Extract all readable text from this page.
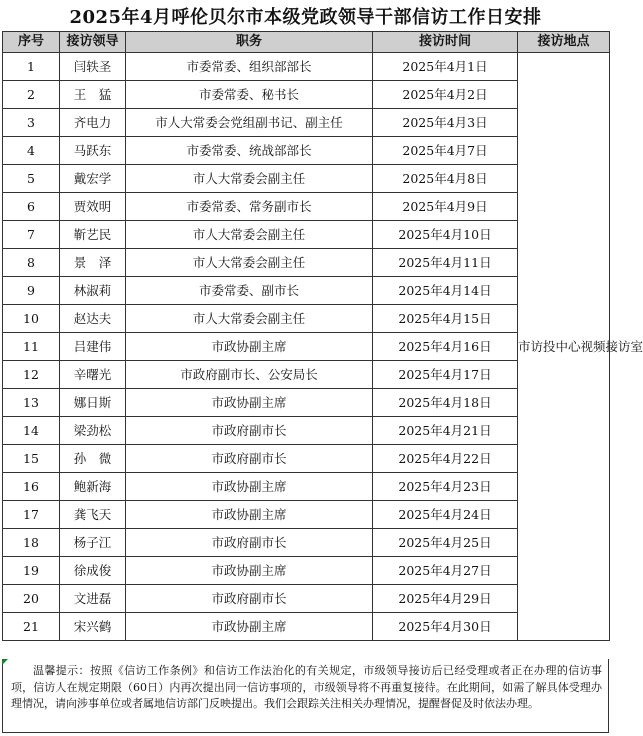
2025年4月呼伦贝尔市本级党政领导干部信访工作日安排
序号	接访领导	职务	接访时间	接访地点
1	闫轶圣	市委常委、组织部部长	2025年4月1日	市访投中心视频接访室
2	王　猛	市委常委、秘书长	2025年4月2日	
3	齐电力	市人大常委会党组副书记、副主任	2025年4月3日	
4	马跃东	市委常委、统战部部长	2025年4月7日	
5	戴宏学	市人大常委会副主任	2025年4月8日	
6	贾效明	市委常委、常务副市长	2025年4月9日	
7	靳艺民	市人大常委会副主任	2025年4月10日	
8	景　泽	市人大常委会副主任	2025年4月11日	
9	林淑莉	市委常委、副市长	2025年4月14日	
10	赵达夫	市人大常委会副主任	2025年4月15日	
11	吕建伟	市政协副主席	2025年4月16日	
12	辛曙光	市政府副市长、公安局长	2025年4月17日	
13	娜日斯	市政协副主席	2025年4月18日	
14	梁劲松	市政府副市长	2025年4月21日	
15	孙　微	市政府副市长	2025年4月22日	
16	鲍新海	市政协副主席	2025年4月23日	
17	龚飞天	市政协副主席	2025年4月24日	
18	杨子江	市政府副市长	2025年4月25日	
19	徐成俊	市政协副主席	2025年4月27日	
20	文进磊	市政府副市长	2025年4月29日	
21	宋兴鹤	市政协副主席	2025年4月30日	
温馨提示：按照《信访工作条例》和信访工作法治化的有关规定，市级领导接访后已经受理或者正在办理的信访事项，信访人在规定期限（60日）内再次提出同一信访事项的，市级领导将不再重复接待。在此期间，如需了解具体受理办理情况，请向涉事单位或者属地信访部门反映提出。我们会跟踪关注相关办理情况，提醒督促及时依法办理。
